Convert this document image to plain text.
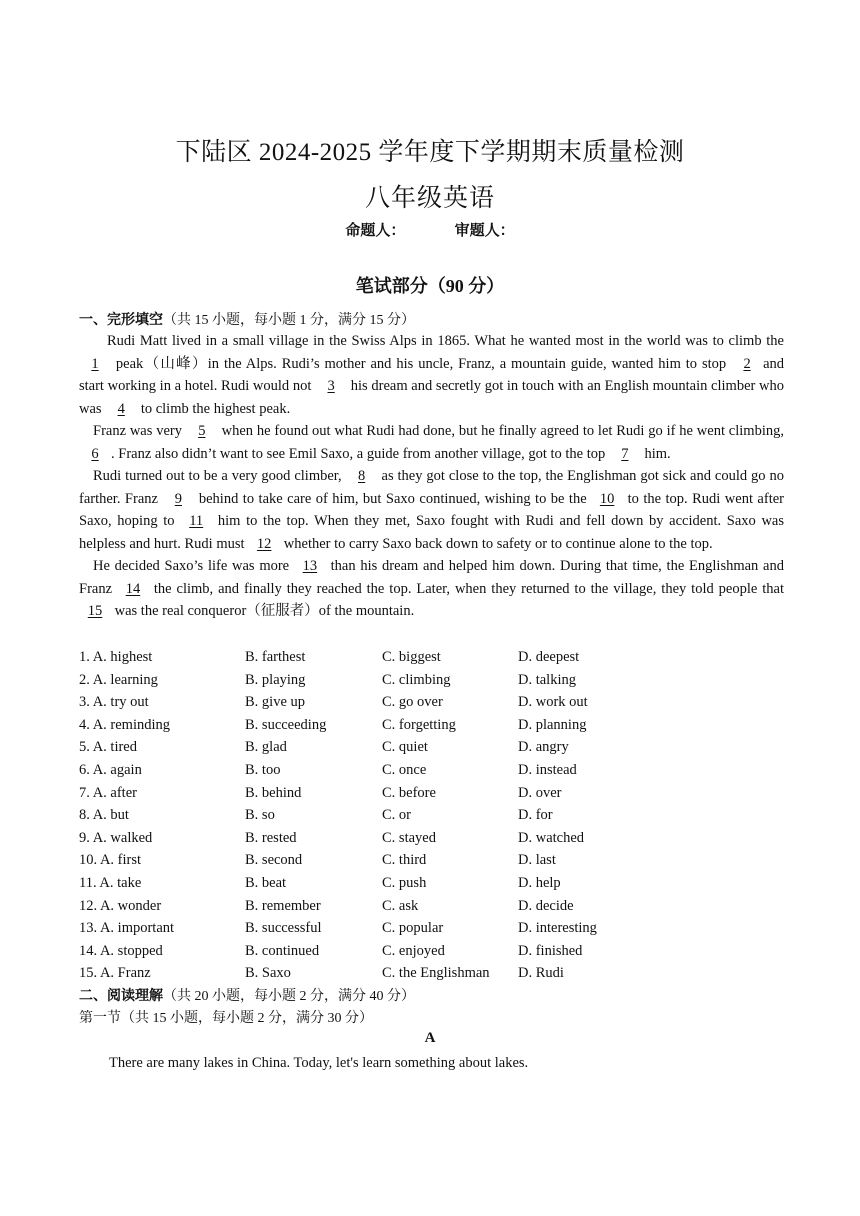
下陆区 2024-2025 学年度下学期期末质量检测
八年级英语
命题人：	审题人：
笔试部分（90 分）
一、完形填空（共 15 小题，每小题 1 分，满分 15 分）

Rudi Matt lived in a small village in the Swiss Alps in 1865. What he wanted most in the world was to climb the 1 peak（山峰）in the Alps. Rudi’s mother and his uncle, Franz, a mountain guide, wanted him to stop 2 and start working in a hotel. Rudi would not 3 his dream and secretly got in touch with an English mountain climber who was 4 to climb the highest peak.

Franz was very 5 when he found out what Rudi had done, but he finally agreed to let Rudi go if he went climbing, 6 . Franz also didn’t want to see Emil Saxo, a guide from another village, got to the top 7 him.

Rudi turned out to be a very good climber, 8 as they got close to the top, the Englishman got sick and could go no farther. Franz 9 behind to take care of him, but Saxo continued, wishing to be the 10 to the top. Rudi went after Saxo, hoping to 11 him to the top. When they met, Saxo fought with Rudi and fell down by accident. Saxo was helpless and hurt. Rudi must 12 whether to carry Saxo back down to safety or to continue alone to the top.

He decided Saxo’s life was more 13 than his dream and helped him down. During that time, the Englishman and Franz 14 the climb, and finally they reached the top. Later, when they returned to the village, they told people that 15 was the real conqueror（征服者）of the mountain.

1. A. highest	B. farthest	C. biggest	D. deepest
2. A. learning	B. playing	C. climbing	D. talking
3. A. try out	B. give up	C. go over	D. work out
4. A. reminding	B. succeeding	C. forgetting	D. planning
5. A. tired	B. glad	C. quiet	D. angry
6. A. again	B. too	C. once	D. instead
7. A. after	B. behind	C. before	D. over
8. A. but	B. so	C. or	D. for
9. A. walked	B. rested	C. stayed	D. watched
10. A. first	B. second	C. third	D. last
11. A. take	B. beat	C. push	D. help
12. A. wonder	B. remember	C. ask	D. decide
13. A. important	B. successful	C. popular	D. interesting
14. A. stopped	B. continued	C. enjoyed	D. finished
15. A. Franz	B. Saxo	C. the Englishman D. Rudi
二、阅读理解（共 20 小题，每小题 2 分，满分 40 分）
第一节（共 15 小题，每小题 2 分，满分 30 分）
A
There are many lakes in China. Today, let's learn something about lakes.
